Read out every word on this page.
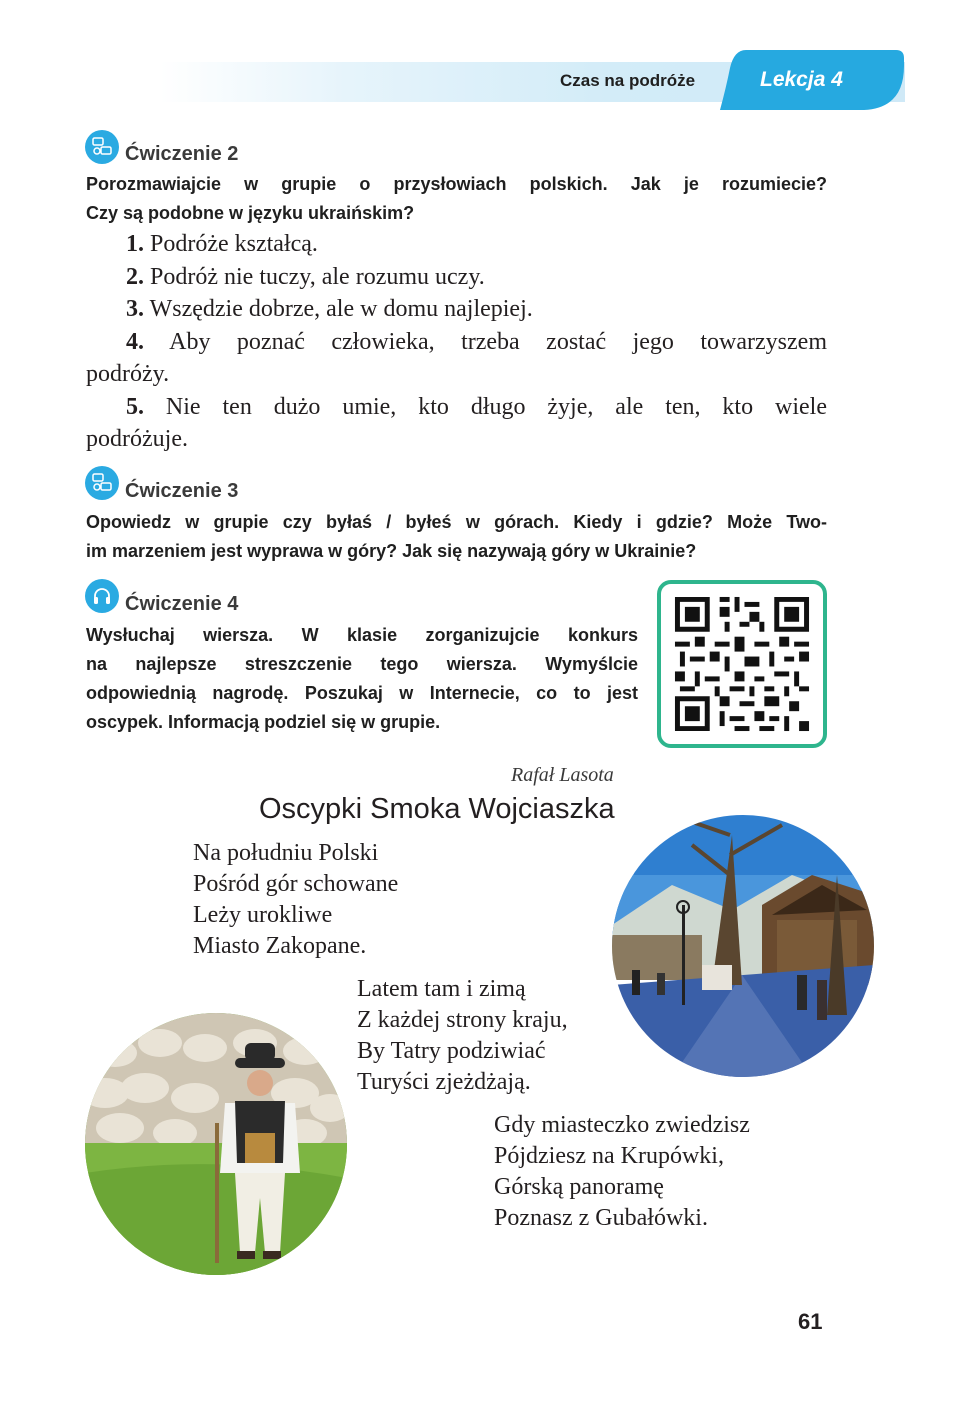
Czas na podróże	Lekcja 4
Ćwiczenie 2

Porozmawiajcie w grupie o przysłowiach polskich. Jak je rozumiecie?

Czy są podobne w języku ukraińskim?

1. Podróże kształcą.
2. Podróż nie tuczy, ale rozumu uczy.
3. Wszędzie dobrze, ale w domu najlepiej.
4. Aby poznać człowieka, trzeba zostać jego towarzyszem
podróży.
5. Nie ten dużo umie, kto długo żyje, ale ten, kto wiele
podróżuje.
Ćwiczenie 3

Opowiedz w grupie czy byłaś / byłeś w górach. Kiedy i gdzie? Może Two-

im marzeniem jest wyprawa w góry? Jak się nazywają góry w Ukrainie?

Ćwiczenie 4

Wysłuchaj wiersza. W klasie zorganizujcie konkurs

na najlepsze streszczenie tego wiersza. Wymyślcie

odpowiednią nagrodę. Poszukaj w Internecie, co to jest

oscypek. Informacją podziel się w grupie.

Rafał Lasota
Oscypki Smoka Wojciaszka
Na południu Polski
Pośród gór schowane
Leży urokliwe
Miasto Zakopane.
Latem tam i zimą
Z każdej strony kraju,
By Tatry podziwiać
Turyści zjeżdżają.
Gdy miasteczko zwiedzisz
Pójdziesz na Krupówki,
Górską panoramę
Poznasz z Gubałówki.
61
